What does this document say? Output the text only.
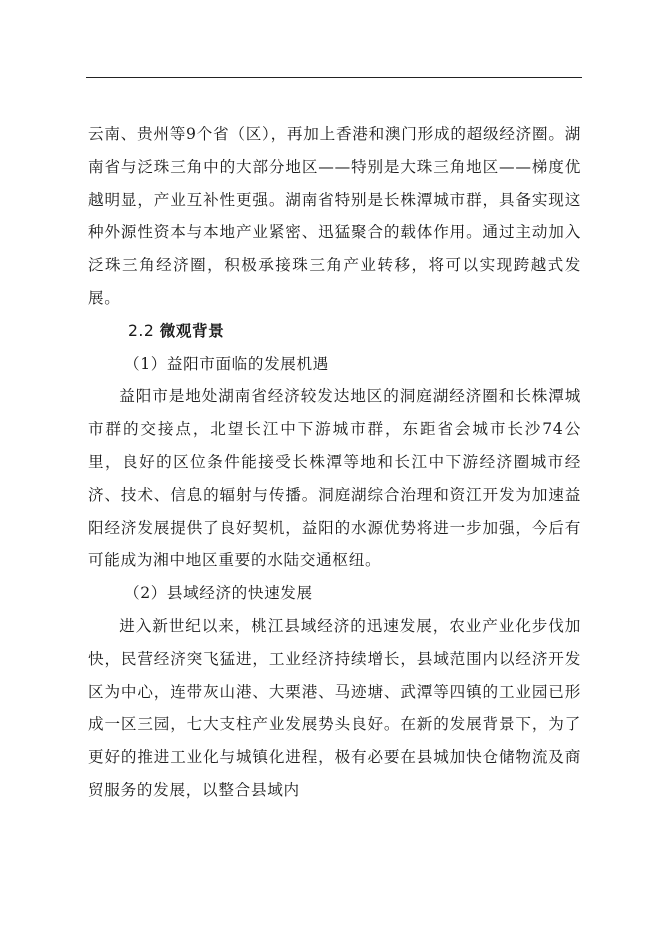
云南、贵州等9个省（区），再加上香港和澳门形成的超级经济圈。湖南省与泛珠三角中的大部分地区——特别是大珠三角地区——梯度优越明显，产业互补性更强。湖南省特别是长株潭城市群，具备实现这种外源性资本与本地产业紧密、迅猛聚合的载体作用。通过主动加入泛珠三角经济圈，积极承接珠三角产业转移，将可以实现跨越式发展。

2.2 微观背景

（1）益阳市面临的发展机遇

益阳市是地处湖南省经济较发达地区的洞庭湖经济圈和长株潭城市群的交接点，北望长江中下游城市群，东距省会城市长沙74公里，良好的区位条件能接受长株潭等地和长江中下游经济圈城市经济、技术、信息的辐射与传播。洞庭湖综合治理和资江开发为加速益阳经济发展提供了良好契机，益阳的水源优势将进一步加强，今后有可能成为湘中地区重要的水陆交通枢纽。

（2）县域经济的快速发展

进入新世纪以来，桃江县域经济的迅速发展，农业产业化步伐加快，民营经济突飞猛进，工业经济持续增长，县域范围内以经济开发区为中心，连带灰山港、大栗港、马迹塘、武潭等四镇的工业园已形成一区三园，七大支柱产业发展势头良好。在新的发展背景下，为了更好的推进工业化与城镇化进程，极有必要在县城加快仓储物流及商贸服务的发展，以整合县域内
